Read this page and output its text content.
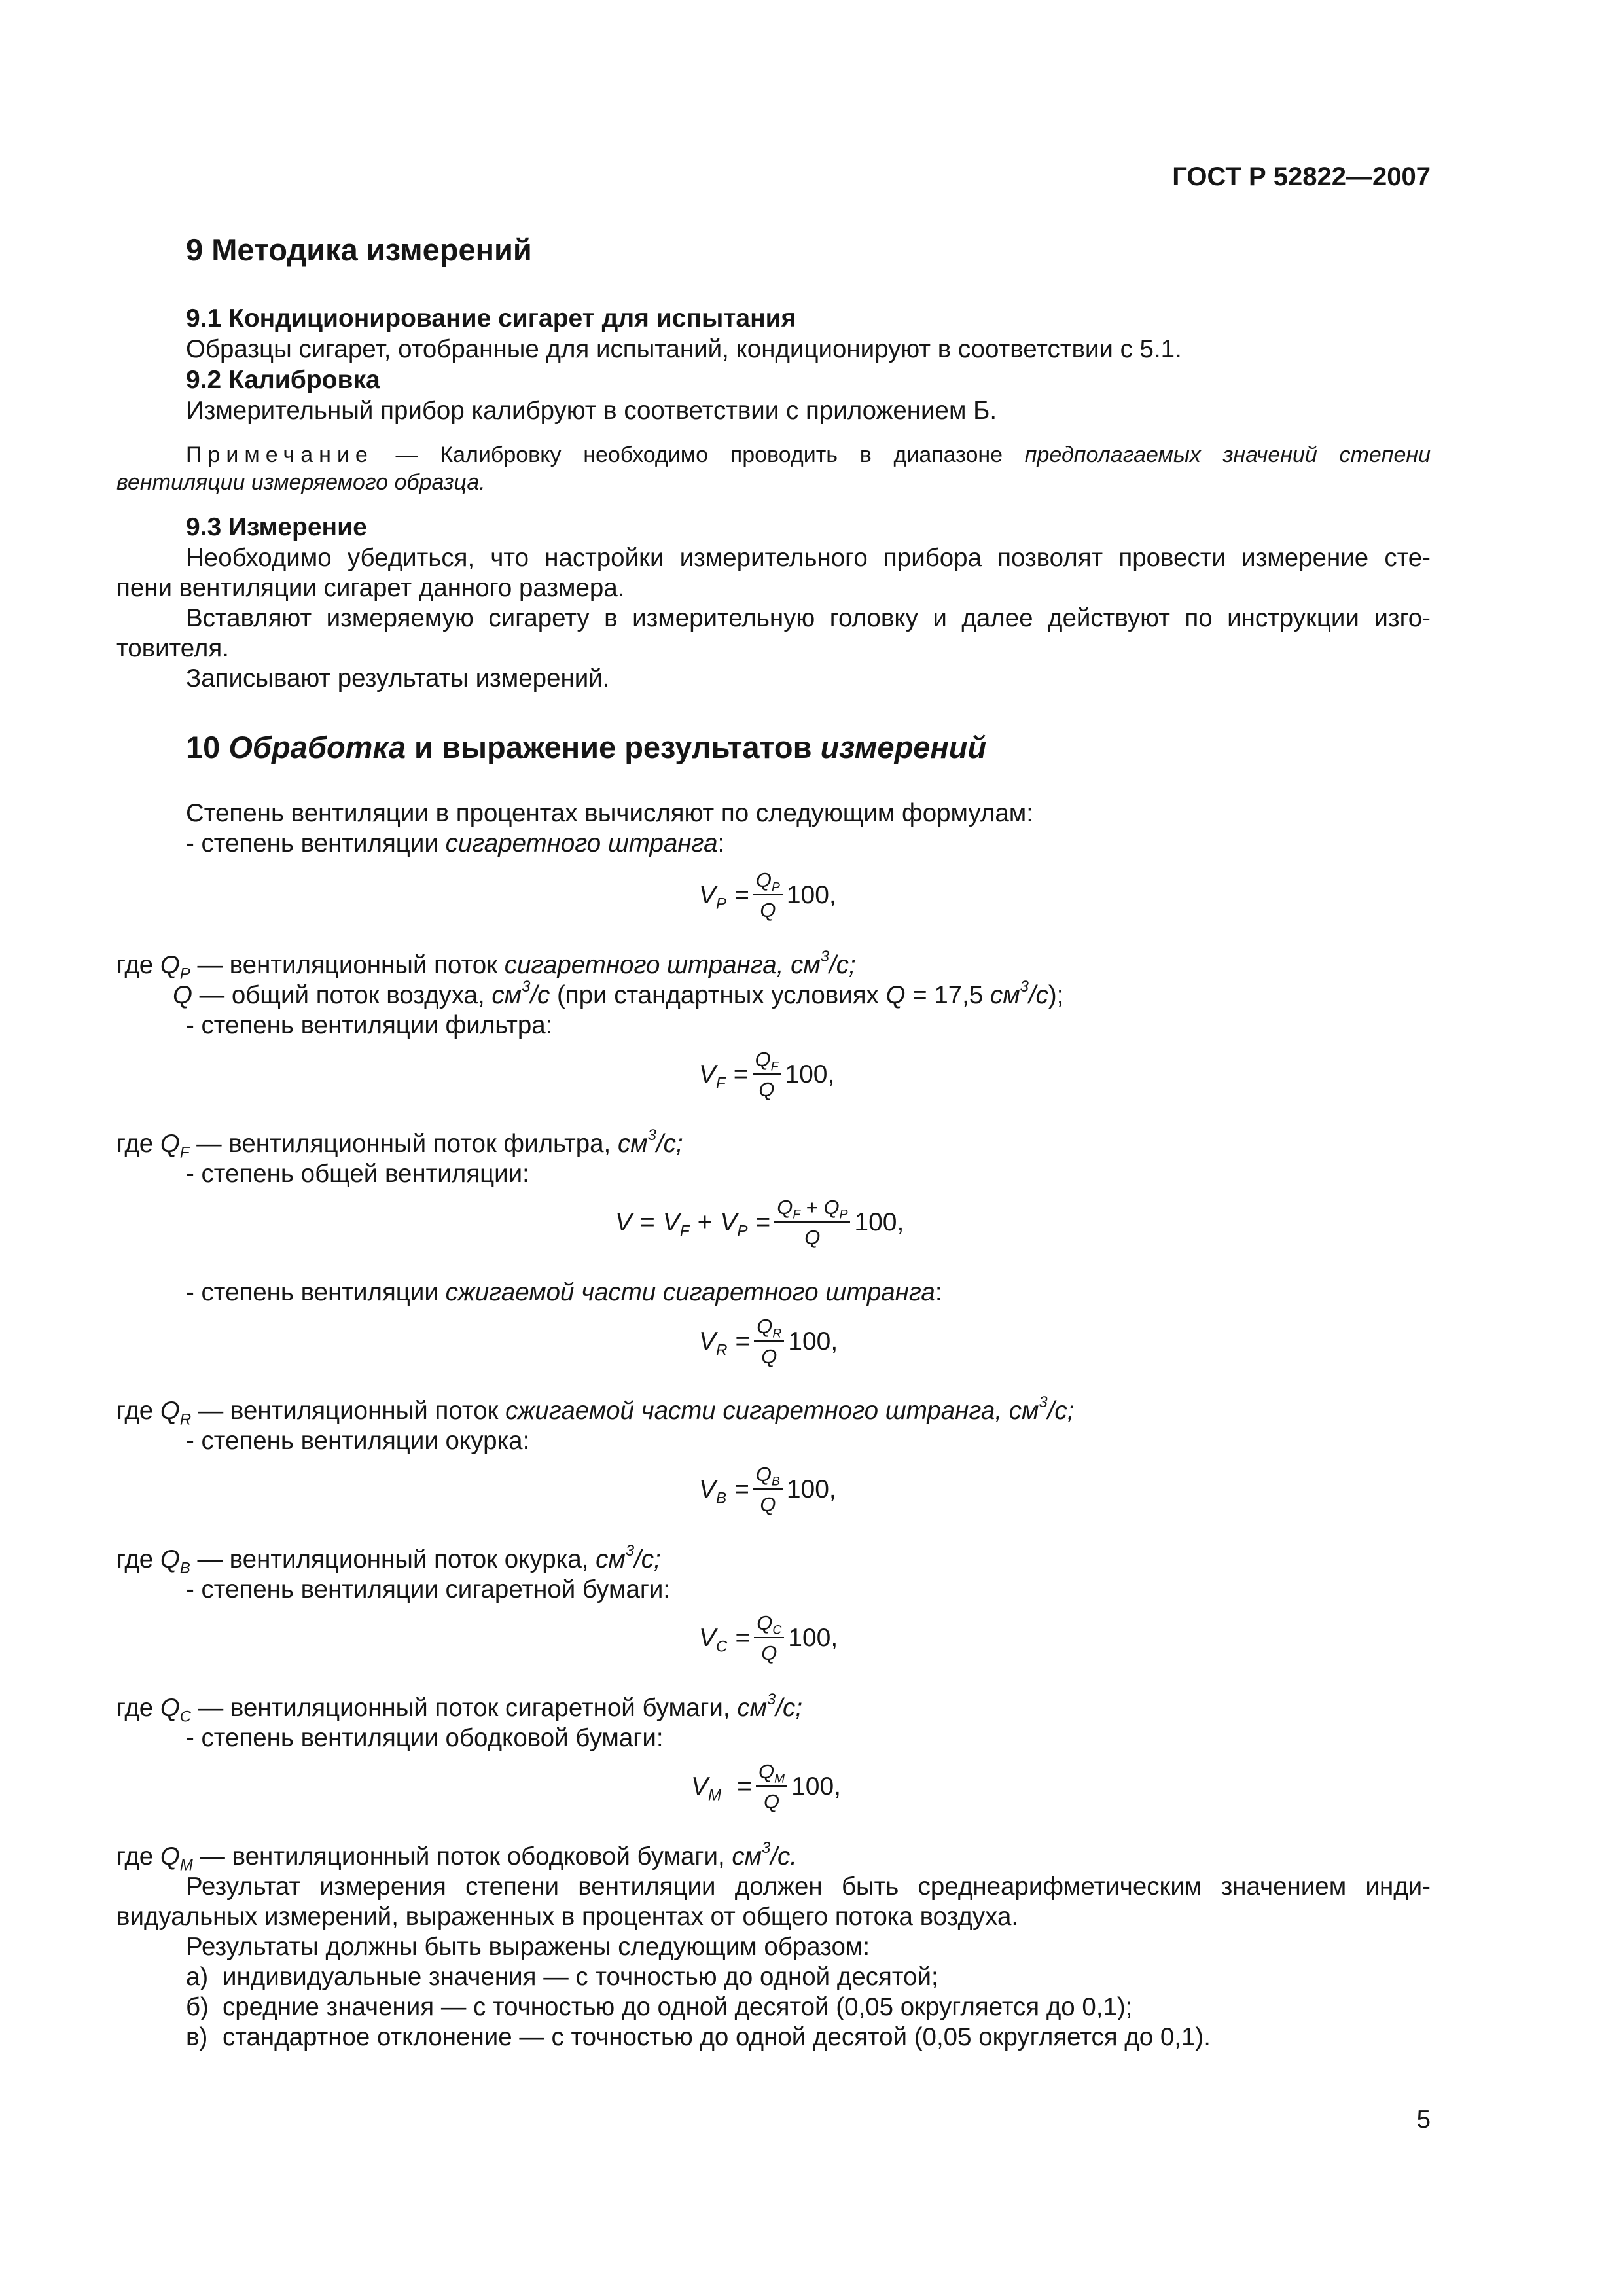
ГОСТ Р 52822—2007
9 Методика измерений
9.1 Кондиционирование сигарет для испытания
Образцы сигарет, отобранные для испытаний, кондиционируют в соответствии с 5.1.
9.2 Калибровка
Измерительный прибор калибруют в соответствии с приложением Б.
Примечание — Калибровку необходимо проводить в диапазоне предполагаемых значений степени
вентиляции измеряемого образца.
9.3 Измерение
Необходимо убедиться, что настройки измерительного прибора позволят провести измерение сте-
пени вентиляции сигарет данного размера.
Вставляют измеряемую сигарету в измерительную головку и далее действуют по инструкции изго-
товителя.
Записывают результаты измерений.
10 Обработка и выражение результатов измерений
Степень вентиляции в процентах вычисляют по следующим формулам:
- степень вентиляции сигаретного штранга:
$V_P = \frac{Q_P}{Q} 100$,
где $Q_P$ — вентиляционный поток сигаретного штранга, $см^3/с$;
Q — общий поток воздуха, $см^3/с$ (при стандартных условиях Q = 17,5 $см^3/с$);
- степень вентиляции фильтра:
$V_F = \frac{Q_F}{Q} 100$,
где $Q_F$ — вентиляционный поток фильтра, $см^3/с$;
- степень общей вентиляции:
$V = V_F + V_P = \frac{Q_F + Q_P}{Q} 100$,
- степень вентиляции сжигаемой части сигаретного штранга:
$V_R = \frac{Q_R}{Q} 100$,
где $Q_R$ — вентиляционный поток сжигаемой части сигаретного штранга, $см^3/с$;
- степень вентиляции окурка:
$V_B = \frac{Q_B}{Q} 100$,
где $Q_B$ — вентиляционный поток окурка, $см^3/с$;
- степень вентиляции сигаретной бумаги:
$V_C = \frac{Q_C}{Q} 100$,
где $Q_C$ — вентиляционный поток сигаретной бумаги, $см^3/с$;
- степень вентиляции ободковой бумаги:
$V_M = \frac{Q_M}{Q} 100$,
где $Q_M$ — вентиляционный поток ободковой бумаги, $см^3/с$.
Результат измерения степени вентиляции должен быть среднеарифметическим значением инди-
видуальных измерений, выраженных в процентах от общего потока воздуха.
Результаты должны быть выражены следующим образом:
а) индивидуальные значения — с точностью до одной десятой;
б) средние значения — с точностью до одной десятой (0,05 округляется до 0,1);
в) стандартное отклонение — с точностью до одной десятой (0,05 округляется до 0,1).
5
